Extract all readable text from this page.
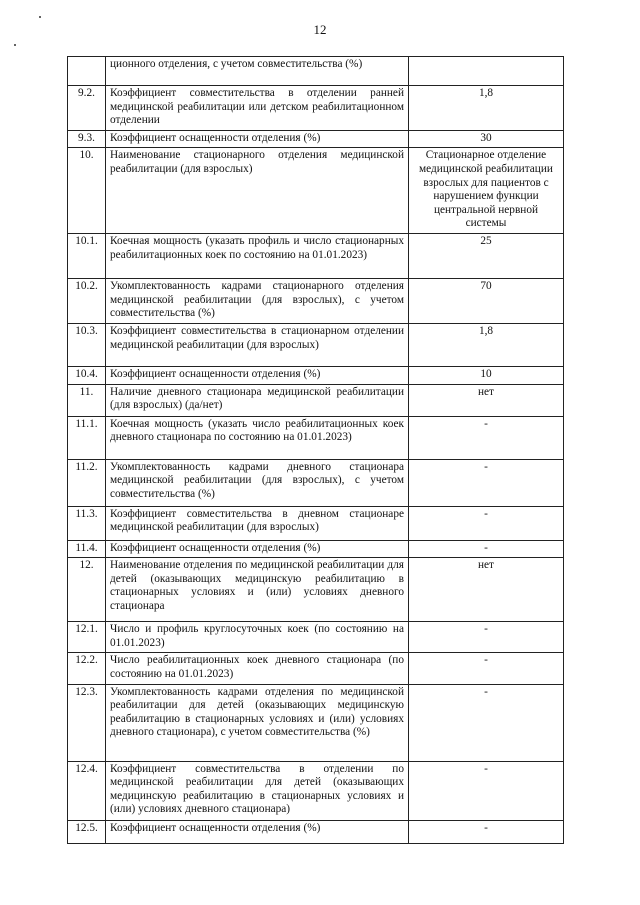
12
	ционного отделения, с учетом совместительства (%)	
9.2.	Коэффициент совместительства в отделении ранней медицинской реабилитации или детском реабилитационном отделении	1,8
9.3.	Коэффициент оснащенности отделения (%)	30
10.	Наименование стационарного отделения медицинской реабилитации (для взрослых)	Стационарное отделение медицинской реабилитации взрослых для пациентов с нарушением функции центральной нервной системы
10.1.	Коечная мощность (указать профиль и число стационарных реабилитационных коек по состоянию на 01.01.2023)	25
10.2.	Укомплектованность кадрами стационарного отделения медицинской реабилитации (для взрослых), с учетом совместительства (%)	70
10.3.	Коэффициент совместительства в стационарном отделении медицинской реабилитации (для взрослых)	1,8
10.4.	Коэффициент оснащенности отделения (%)	10
11.	Наличие дневного стационара медицинской реабилитации (для взрослых) (да/нет)	нет
11.1.	Коечная мощность (указать число реабилитационных коек дневного стационара по состоянию на 01.01.2023)	-
11.2.	Укомплектованность кадрами дневного стационара медицинской реабилитации (для взрослых), с учетом совместительства (%)	-
11.3.	Коэффициент совместительства в дневном стационаре медицинской реабилитации (для взрослых)	-
11.4.	Коэффициент оснащенности отделения (%)	-
12.	Наименование отделения по медицинской реабилитации для детей (оказывающих медицинскую реабилитацию в стационарных условиях и (или) условиях дневного стационара	нет
12.1.	Число и профиль круглосуточных коек (по состоянию на 01.01.2023)	-
12.2.	Число реабилитационных коек дневного стационара (по состоянию на 01.01.2023)	-
12.3.	Укомплектованность кадрами отделения по медицинской реабилитации для детей (оказывающих медицинскую реабилитацию в стационарных условиях и (или) условиях дневного стационара), с учетом совместительства (%)	-
12.4.	Коэффициент совместительства в отделении по медицинской реабилитации для детей (оказывающих медицинскую реабилитацию в стационарных условиях и (или) условиях дневного стационара)	-
12.5.	Коэффициент оснащенности отделения (%)	-
